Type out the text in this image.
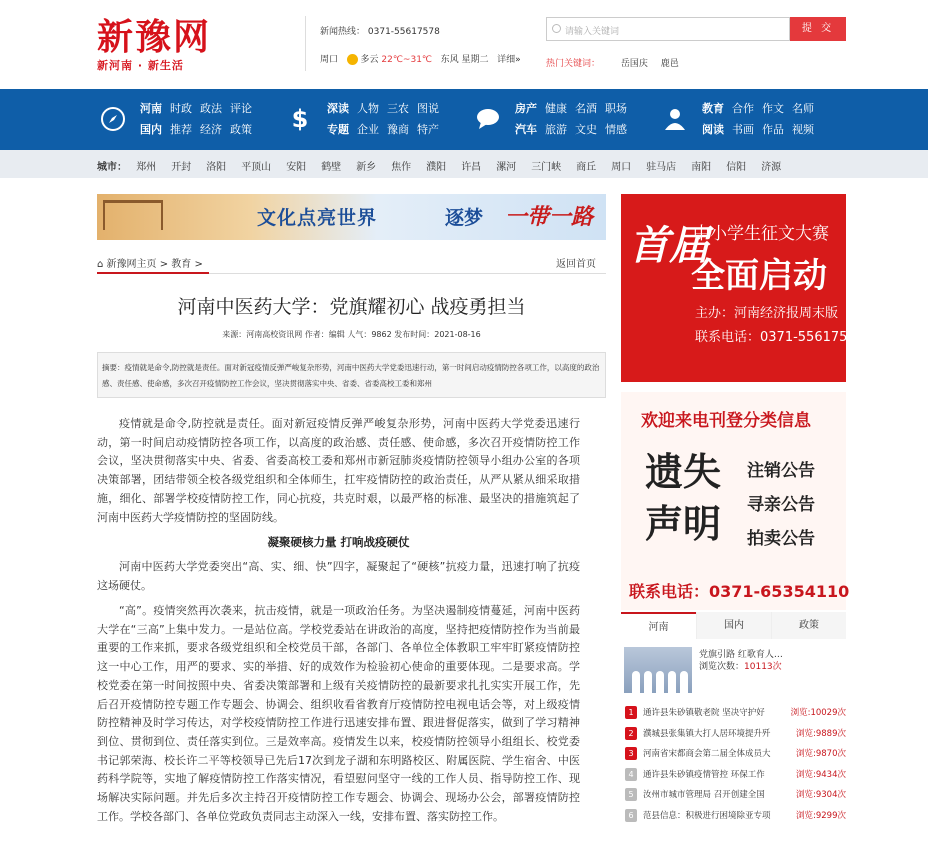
新豫网
新河南 · 新生活
新闻热线： 0371-55617578
周口 多云 22℃~31℃ 东风 星期二 详细»
请输入关键词	提 交
热门关键词： 岳国庆 鹿邑
河南 时政 政法 评论
国内 推荐 经济 政策	$	深读 人物 三农 图说
专题 企业 豫商 特产
房产 健康 名酒 职场
汽车 旅游 文史 情感
教育 合作 作文 名师
阅读 书画 作品 视频
城市： 郑州 开封 洛阳 平顶山 安阳 鹤壁 新乡 焦作 濮阳 许昌 漯河 三门峡 商丘 周口 驻马店 南阳 信阳 济源
文化点亮世界	逐梦 一带一路
⌂ 新豫网主页 > 教育 >	返回首页
河南中医药大学：党旗耀初心 战疫勇担当
来源：河南高校资讯网 作者：编辑 人气：9862 发布时间：2021-08-16
摘要：疫情就是命令,防控就是责任。面对新冠疫情反弹严峻复杂形势，河南中医药大学党委迅速行动，第一时间启动疫情防控各项工作，以高度的政治感、责任感、使命感，多次召开疫情防控工作会议，坚决贯彻落实中央、省委、省委高校工委和郑州
疫情就是命令,防控就是责任。面对新冠疫情反弹严峻复杂形势，河南中医药大学党委迅速行动，第一时间启动疫情防控各项工作，以高度的政治感、责任感、使命感，多次召开疫情防控工作会议，坚决贯彻落实中央、省委、省委高校工委和郑州市新冠肺炎疫情防控领导小组办公室的各项决策部署，团结带领全校各级党组织和全体师生，扛牢疫情防控的政治责任，从严从紧从细采取措施，细化、部署学校疫情防控工作，同心抗疫，共克时艰，以最严格的标准、最坚决的措施筑起了河南中医药大学疫情防控的坚固防线。
凝聚硬核力量 打响战疫硬仗
河南中医药大学党委突出“高、实、细、快”四字，凝聚起了“硬核”抗疫力量，迅速打响了抗疫这场硬仗。
“高”。疫情突然再次袭来，抗击疫情，就是一项政治任务。为坚决遏制疫情蔓延，河南中医药大学在“三高”上集中发力。一是站位高。学校党委站在讲政治的高度，坚持把疫情防控作为当前最重要的工作来抓，要求各级党组织和全校党员干部，各部门、各单位全体教职工牢牢盯紧疫情防控这一中心工作，用严的要求、实的举措、好的成效作为检验初心使命的重要体现。二是要求高。学校党委在第一时间按照中央、省委决策部署和上级有关疫情防控的最新要求扎扎实实开展工作，先后召开疫情防控专题工作专题会、协调会、组织收看省教育厅疫情防控电视电话会等，对上级疫情防控精神及时学习传达，对学校疫情防控工作进行迅速安排布置、跟进督促落实，做到了学习精神到位、贯彻到位、责任落实到位。三是效率高。疫情发生以来，校疫情防控领导小组组长、校党委书记郭荣海、校长许二平等校领导已先后17次到龙子湖和东明路校区、附属医院、学生宿舍、中医药科学院等，实地了解疫情防控工作落实情况，看望慰问坚守一线的工作人员、指导防控工作、现场解决实际问题。并先后多次主持召开疫情防控工作专题会、协调会、现场办公会，部署疫情防控工作。学校各部门、各单位党政负责同志主动深入一线，安排布置、落实防控工作。
首届
中小学生征文大赛
全面启动
主办：河南经济报周末版
联系电话：0371-55617587
欢迎来电刊登分类信息
遗失声明
注销公告
寻亲公告
拍卖公告
联系电话：0371-65354110
河南	国内	政策
党旗引路 红歌育人…
浏览次数：10113次
1	通许县朱砂镇敬老院 坚决守护好	浏览:10029次
2	濮城县张集镇大打人居环境提升歼	浏览:9889次
3	河南省宋都商会第二届全体成员大	浏览:9870次
4	通许县朱砂镇疫情管控 环保工作	浏览:9434次
5	汝州市城市管理局 召开创建全国	浏览:9304次
6	范县信息：积极进行困境除亚专项	浏览:9299次
